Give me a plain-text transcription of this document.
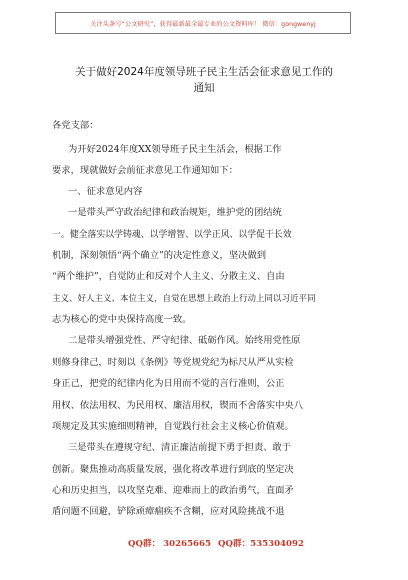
关注头条号“公文研究”，获得最新最全最专业的公文资料库！ 微信：gongwenyj
关于做好2024年度领导班子民主生活会征求意见工作的
通知
各党支部：
为开好2024年度XX领导班子民主生活会，根据工作
要求，现就做好会前征求意见工作通知如下：
一、征求意见内容
一是带头严守政治纪律和政治规矩，维护党的团结统
一。健全落实以学铸魂、以学增智、以学正风、以学促干长效
机制，深刻领悟“两个确立”的决定性意义，坚决做到
“两个维护”，自觉防止和反对个人主义、分散主义、自由
主义、好人主义、本位主义，自觉在思想上政治上行动上同以习近平同
志为核心的党中央保持高度一致。
二是带头增强党性、严守纪律、砥砺作风。始终用党性原
则修身律己，时刻以《条例》等党规党纪为标尺从严从实检
身正己，把党的纪律内化为日用而不觉的言行准则，公正
用权、依法用权、为民用权、廉洁用权，锲而不舍落实中央八
项规定及其实施细则精神，自觉践行社会主义核心价值观。
三是带头在遵规守纪、清正廉洁前提下勇于担责、敢于
创新。聚焦推动高质量发展，强化将改革进行到底的坚定决
心和历史担当，以攻坚克难、迎难而上的政治勇气，直面矛
盾问题不回避，铲除顽瘴痼疾不含糊，应对风险挑战不退
QQ群： 30265665 QQ群：535304092
